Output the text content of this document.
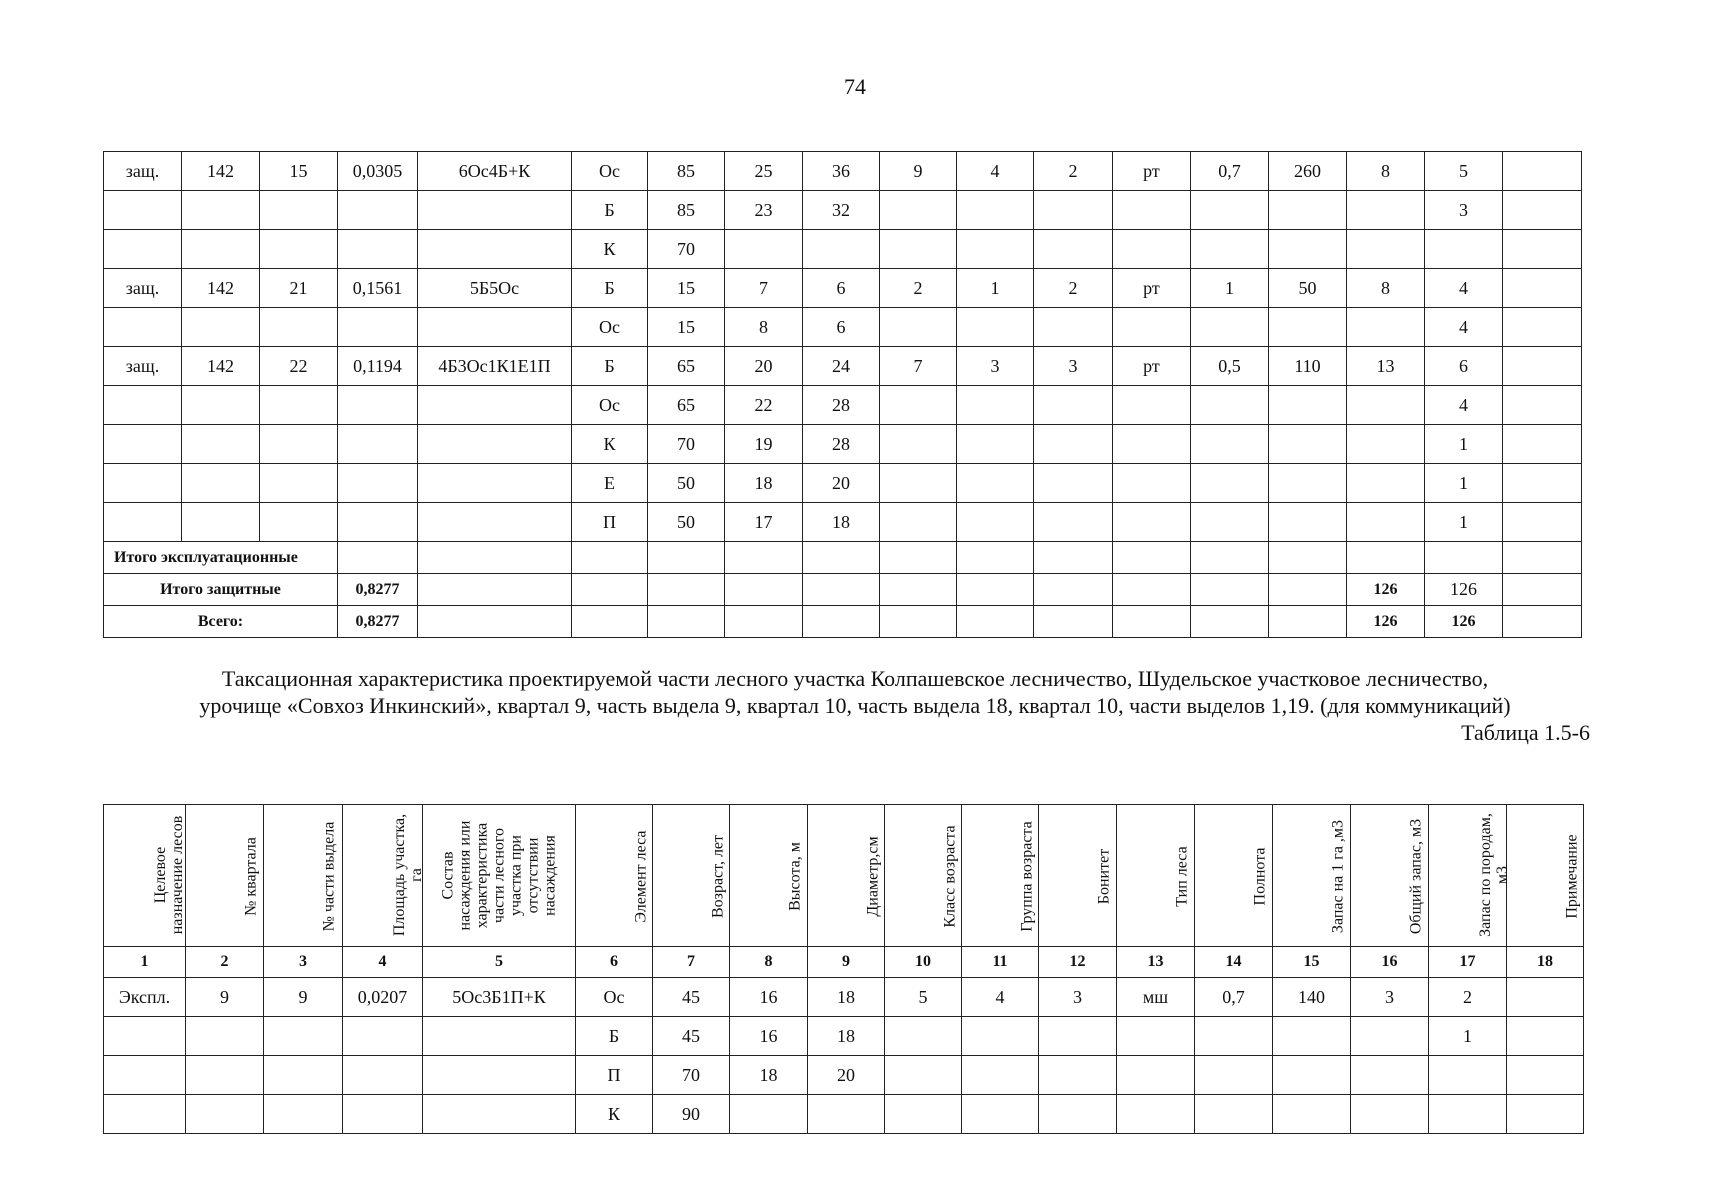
74
защ.	142	15	0,0305	6Ос4Б+К	Ос	85	25	36	9	4	2	рт	0,7	260	8	5	
					Б	85	23	32								3	
					К	70											
защ.	142	21	0,1561	5Б5Ос	Б	15	7	6	2	1	2	рт	1	50	8	4	
					Ос	15	8	6								4	
защ.	142	22	0,1194	4Б3Ос1К1Е1П	Б	65	20	24	7	3	3	рт	0,5	110	13	6	
					Ос	65	22	28								4	
					К	70	19	28								1	
					Е	50	18	20								1	
					П	50	17	18								1	
Итого эксплуатационные																	
Итого защитные			0,8277												126	126	
Всего:			0,8277												126	126	
Таксационная характеристика проектируемой части лесного участка Колпашевское лесничество, Шудельское участковое лесничество,
урочище «Совхоз Инкинский», квартал 9, часть выдела 9, квартал 10, часть выдела 18, квартал 10, части выделов 1,19. (для коммуникаций)
Таблица 1.5-6
Целевое назначение лесов	№ квартала	№ части выдела	Площадь участка, га	Состав насаждения или характеристика части лесного участка при отсутствии насаждения	Элемент леса	Возраст, лет	Высота, м	Диаметр,см	Класс возраста	Группа возраста	Бонитет	Тип леса	Полнота	Запас на 1 га ,м3	Общий запас, м3	Запас по породам, м3	Примечание
1	2	3	4	5	6	7	8	9	10	11	12	13	14	15	16	17	18
Экспл.	9	9	0,0207	5Ос3Б1П+К	Ос	45	16	18	5	4	3	мш	0,7	140	3	2	
					Б	45	16	18								1	
					П	70	18	20									
					К	90											
